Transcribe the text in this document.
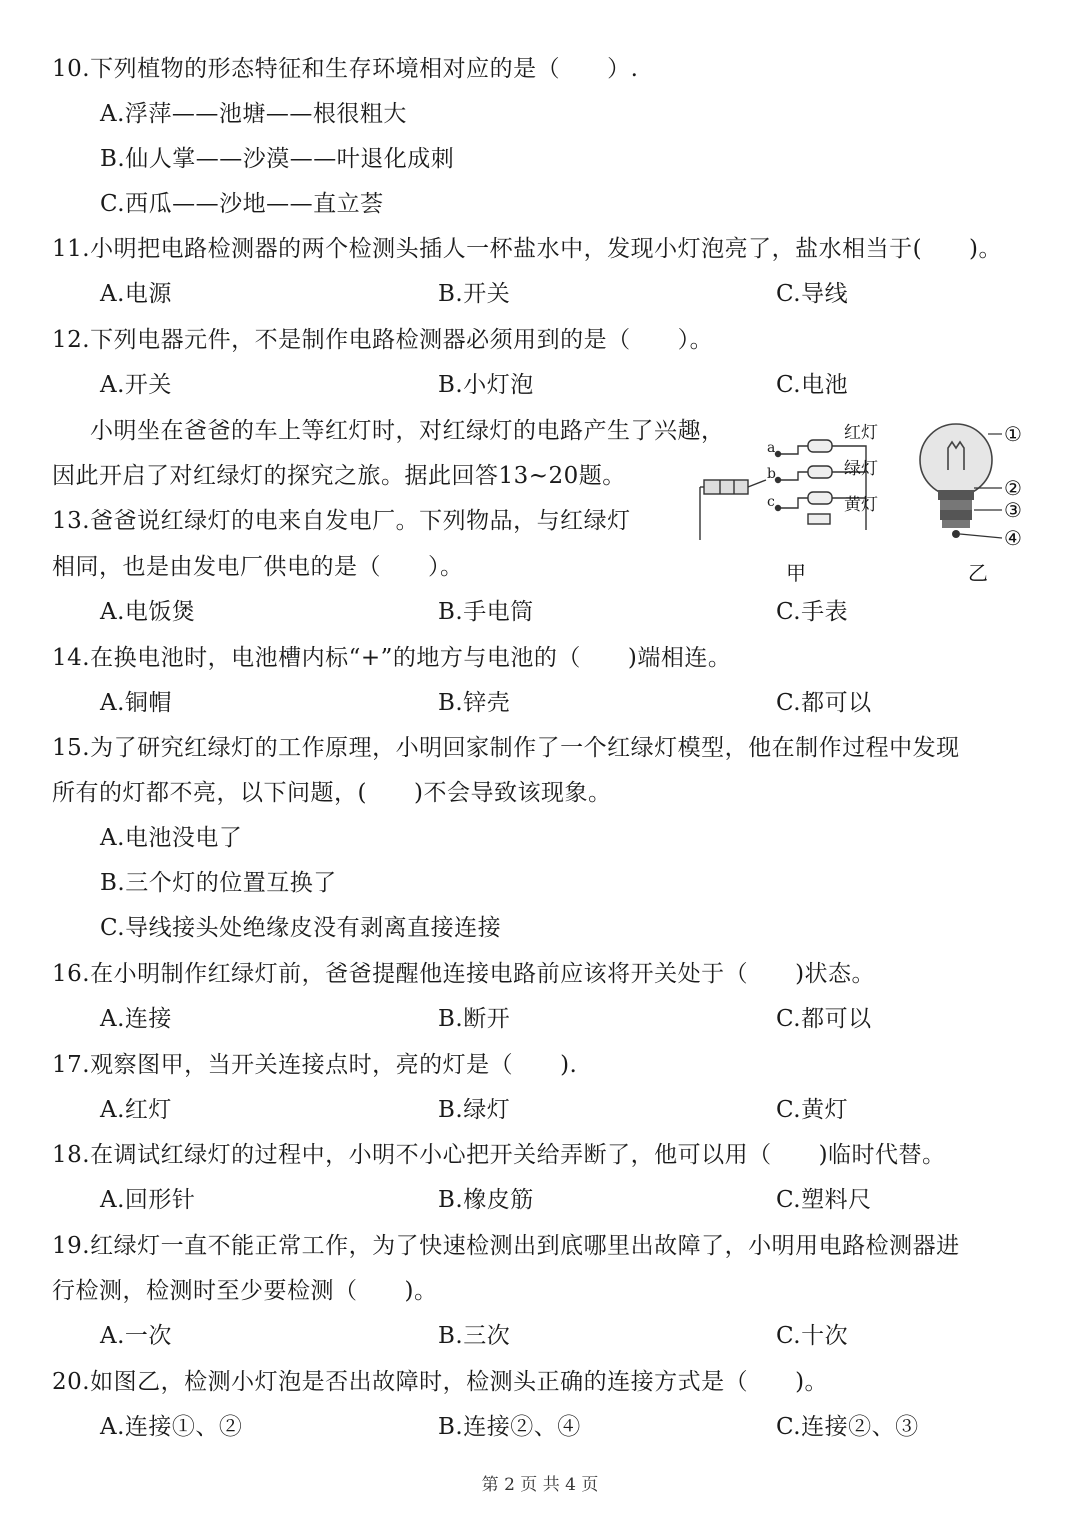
10.下列植物的形态特征和生存环境相对应的是（　　）.
A.浮萍——池塘——根很粗大
B.仙人掌——沙漠——叶退化成刺
C.西瓜——沙地——直立荟
11.小明把电路检测器的两个检测头插人一杯盐水中，发现小灯泡亮了，盐水相当于(　　)。
A.电源	B.开关	C.导线
12.下列电器元件，不是制作电路检测器必须用到的是（　　）。
A.开关	B.小灯泡	C.电池
小明坐在爸爸的车上等红灯时，对红绿灯的电路产生了兴趣，
因此开启了对红绿灯的探究之旅。据此回答13~20题。
13.爸爸说红绿灯的电来自发电厂。下列物品，与红绿灯
相同，也是由发电厂供电的是（　　）。
A.电饭煲	B.手电筒	C.手表
a
b
c
红灯
绿灯
黄灯
甲
①
②
③
④
乙
14.在换电池时，电池槽内标“+”的地方与电池的（　　)端相连。
A.铜帽	B.锌壳	C.都可以
15.为了研究红绿灯的工作原理，小明回家制作了一个红绿灯模型，他在制作过程中发现
所有的灯都不亮，以下问题，(　　)不会导致该现象。
A.电池没电了
B.三个灯的位置互换了
C.导线接头处绝缘皮没有剥离直接连接
16.在小明制作红绿灯前，爸爸提醒他连接电路前应该将开关处于（　　)状态。
A.连接	B.断开	C.都可以
17.观察图甲，当开关连接点时，亮的灯是（　　).
A.红灯	B.绿灯	C.黄灯
18.在调试红绿灯的过程中，小明不小心把开关给弄断了，他可以用（　　)临时代替。
A.回形针	B.橡皮筋	C.塑料尺
19.红绿灯一直不能正常工作，为了快速检测出到底哪里出故障了，小明用电路检测器进
行检测，检测时至少要检测（　　)。
A.一次	B.三次	C.十次
20.如图乙，检测小灯泡是否出故障时，检测头正确的连接方式是（　　)。
A.连接①、②	B.连接②、④	C.连接②、③
第 2 页 共 4 页
